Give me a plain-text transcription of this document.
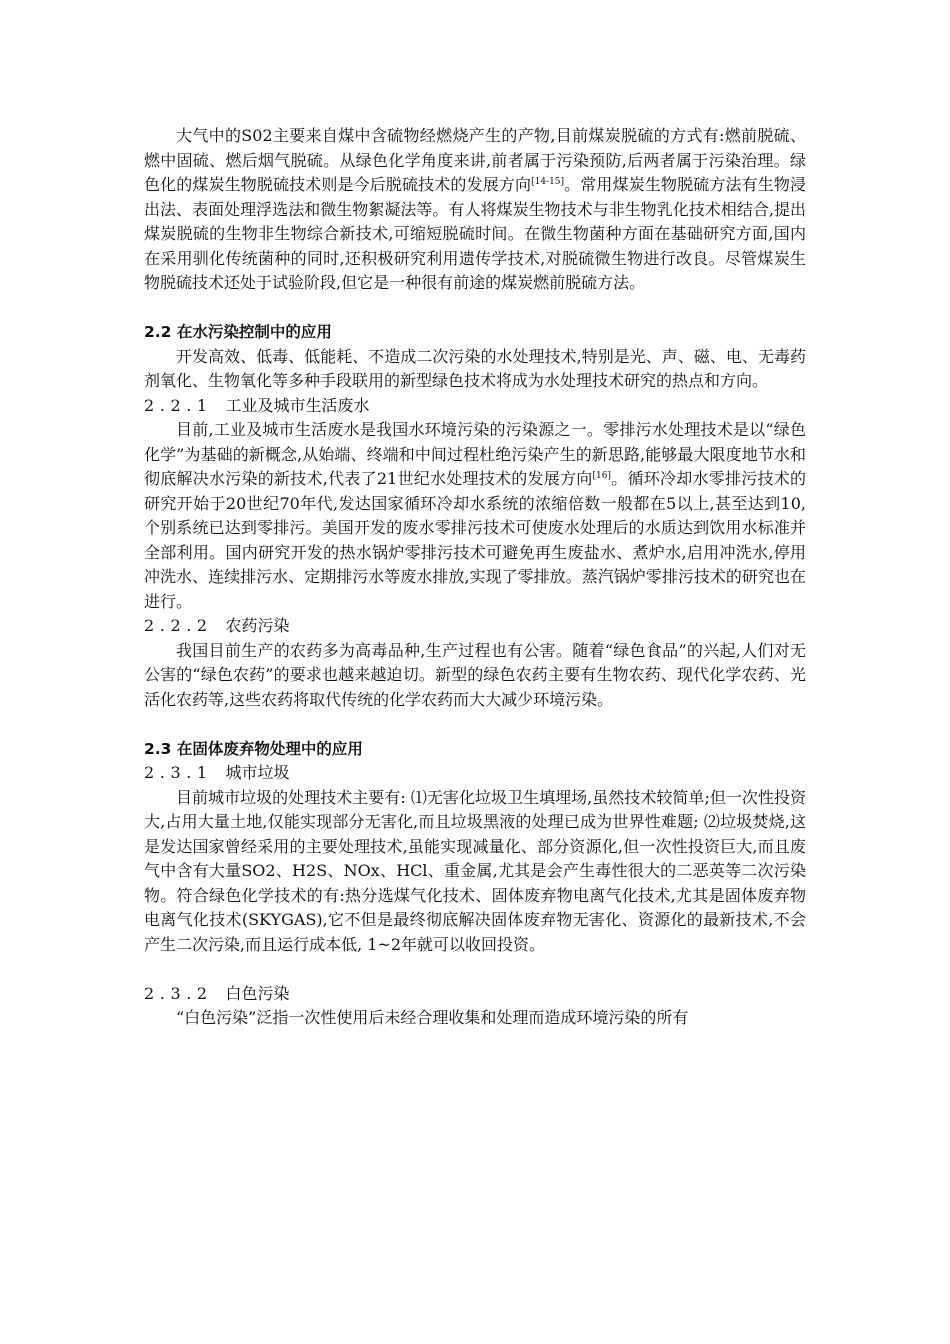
大气中的S02主要来自煤中含硫物经燃烧产生的产物,目前煤炭脱硫的方式有:燃前脱硫、燃中固硫、燃后烟气脱硫。从绿色化学角度来讲,前者属于污染预防,后两者属于污染治理。绿色化的煤炭生物脱硫技术则是今后脱硫技术的发展方向[14-15]。常用煤炭生物脱硫方法有生物浸出法、表面处理浮选法和微生物絮凝法等。有人将煤炭生物技术与非生物乳化技术相结合,提出煤炭脱硫的生物非生物综合新技术,可缩短脱硫时间。在微生物菌种方面在基础研究方面,国内在采用驯化传统菌种的同时,还积极研究利用遗传学技术,对脱硫微生物进行改良。尽管煤炭生物脱硫技术还处于试验阶段,但它是一种很有前途的煤炭燃前脱硫方法。

2.2 在水污染控制中的应用

开发高效、低毒、低能耗、不造成二次污染的水处理技术,特别是光、声、磁、电、无毒药剂氧化、生物氧化等多种手段联用的新型绿色技术将成为水处理技术研究的热点和方向。

2.2.1 工业及城市生活废水

目前,工业及城市生活废水是我国水环境污染的污染源之一。零排污水处理技术是以“绿色化学”为基础的新概念,从始端、终端和中间过程杜绝污染产生的新思路,能够最大限度地节水和彻底解决水污染的新技术,代表了21世纪水处理技术的发展方向[16]。循环冷却水零排污技术的研究开始于20世纪70年代,发达国家循环冷却水系统的浓缩倍数一般都在5以上,甚至达到10,个别系统已达到零排污。美国开发的废水零排污技术可使废水处理后的水质达到饮用水标准并全部利用。国内研究开发的热水锅炉零排污技术可避免再生废盐水、煮炉水,启用冲洗水,停用冲洗水、连续排污水、定期排污水等废水排放,实现了零排放。蒸汽锅炉零排污技术的研究也在进行。

2.2.2 农药污染

我国目前生产的农药多为高毒品种,生产过程也有公害。随着“绿色食品”的兴起,人们对无公害的“绿色农药”的要求也越来越迫切。新型的绿色农药主要有生物农药、现代化学农药、光活化农药等,这些农药将取代传统的化学农药而大大减少环境污染。

2.3 在固体废弃物处理中的应用
2.3.1 城市垃圾

目前城市垃圾的处理技术主要有: ⑴无害化垃圾卫生填埋场,虽然技术较简单;但一次性投资大,占用大量土地,仅能实现部分无害化,而且垃圾黑液的处理已成为世界性难题; ⑵垃圾焚烧,这是发达国家曾经采用的主要处理技术,虽能实现减量化、部分资源化,但一次性投资巨大,而且废气中含有大量SO2、H2S、NOx、HCl、重金属,尤其是会产生毒性很大的二恶英等二次污染物。符合绿色化学技术的有:热分选煤气化技术、固体废弃物电离气化技术,尤其是固体废弃物电离气化技术(SKYGAS),它不但是最终彻底解决固体废弃物无害化、资源化的最新技术,不会产生二次污染,而且运行成本低, 1~2年就可以收回投资。

2.3.2 白色污染

“白色污染”泛指一次性使用后未经合理收集和处理而造成环境污染的所有
